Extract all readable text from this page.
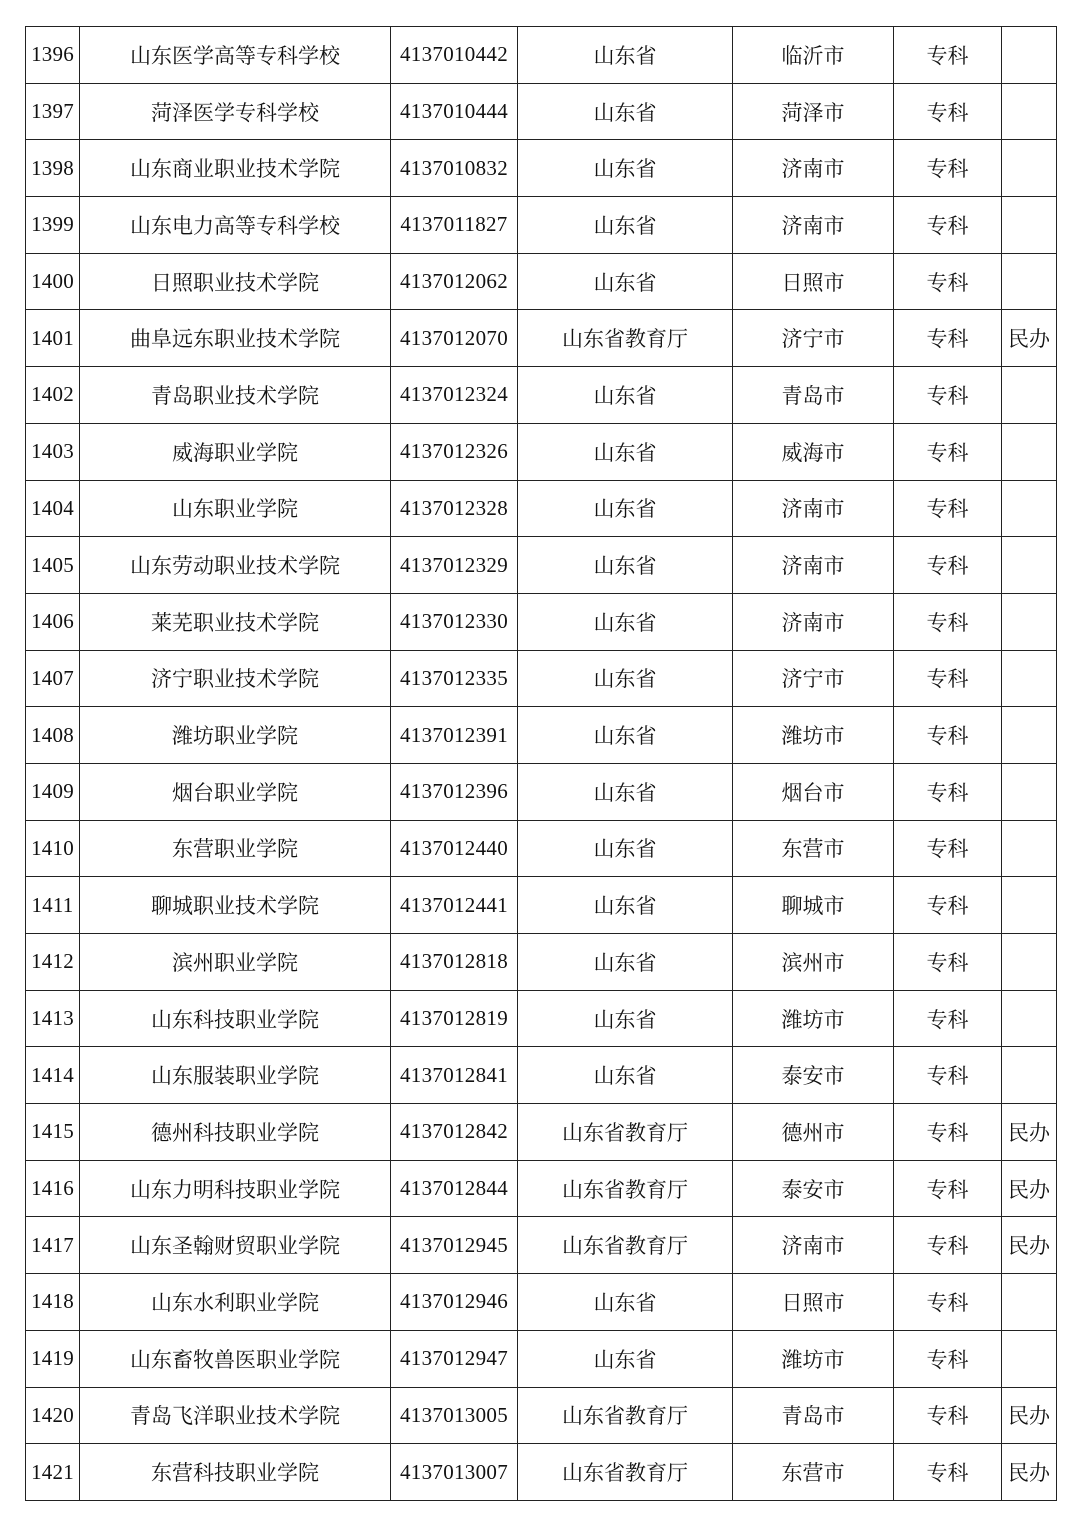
1396	山东医学高等专科学校	4137010442	山东省	临沂市	专科	
1397	菏泽医学专科学校	4137010444	山东省	菏泽市	专科	
1398	山东商业职业技术学院	4137010832	山东省	济南市	专科	
1399	山东电力高等专科学校	4137011827	山东省	济南市	专科	
1400	日照职业技术学院	4137012062	山东省	日照市	专科	
1401	曲阜远东职业技术学院	4137012070	山东省教育厅	济宁市	专科	民办
1402	青岛职业技术学院	4137012324	山东省	青岛市	专科	
1403	威海职业学院	4137012326	山东省	威海市	专科	
1404	山东职业学院	4137012328	山东省	济南市	专科	
1405	山东劳动职业技术学院	4137012329	山东省	济南市	专科	
1406	莱芜职业技术学院	4137012330	山东省	济南市	专科	
1407	济宁职业技术学院	4137012335	山东省	济宁市	专科	
1408	潍坊职业学院	4137012391	山东省	潍坊市	专科	
1409	烟台职业学院	4137012396	山东省	烟台市	专科	
1410	东营职业学院	4137012440	山东省	东营市	专科	
1411	聊城职业技术学院	4137012441	山东省	聊城市	专科	
1412	滨州职业学院	4137012818	山东省	滨州市	专科	
1413	山东科技职业学院	4137012819	山东省	潍坊市	专科	
1414	山东服装职业学院	4137012841	山东省	泰安市	专科	
1415	德州科技职业学院	4137012842	山东省教育厅	德州市	专科	民办
1416	山东力明科技职业学院	4137012844	山东省教育厅	泰安市	专科	民办
1417	山东圣翰财贸职业学院	4137012945	山东省教育厅	济南市	专科	民办
1418	山东水利职业学院	4137012946	山东省	日照市	专科	
1419	山东畜牧兽医职业学院	4137012947	山东省	潍坊市	专科	
1420	青岛飞洋职业技术学院	4137013005	山东省教育厅	青岛市	专科	民办
1421	东营科技职业学院	4137013007	山东省教育厅	东营市	专科	民办
